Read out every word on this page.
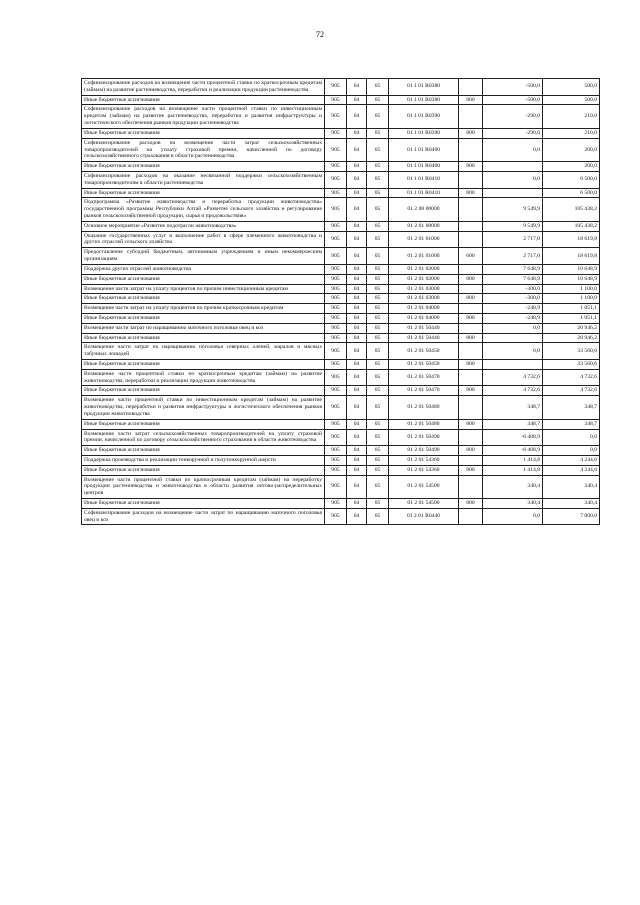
72
Софинансирование расходов на возмещение части процентной ставки по краткосрочным кредитам (займам) на развитие растениеводства, переработки и реализации продукции растениеводства	905	04	05	01 1 01 R0380		-500,0	500,0
Иные бюджетные ассигнования	905	04	05	01 1 01 R0380	800	-500,0	500,0
Софинансирование расходов на возмещение части процентной ставки по инвестиционным кредитам (займам) на развитие растениеводства, переработки и развития инфраструктуры и логистического обеспечения рынков продукции растениеводства	905	04	05	01 1 01 R0390		-290,0	210,0
Иные бюджетные ассигнования	905	04	05	01 1 01 R0390	800	-290,0	210,0
Софинансирование расходов на возмещение части затрат сельскохозяйственных товаропроизводителей на уплату страховой премии, начисленной по договору сельскохозяйственного страхования в области растениеводства	905	04	05	01 1 01 R0400		0,0	200,0
Иные бюджетные ассигнования	905	04	05	01 1 01 R0400	800		200,0
Софинансирование расходов на оказание несвязанной поддержки сельскохозяйственным товаропроизводителям в области растениеводства	905	04	05	01 1 01 R0410		0,0	6 500,0
Иные бюджетные ассигнования	905	04	05	01 1 01 R0410	800		6 500,0
Подпрограмма «Развитие животноводства и переработка продукции животноводства» государственной программы Республики Алтай «Развитие сельского хозяйства и регулирование рынков сельскохозяйственной продукции, сырья и продовольствия»	905	04	05	01 2 00 00000		9 549,9	105 438,2
Основное мероприятие «Развитие подотрасли животноводства»	905	04	05	01 2 01 00000		9 549,9	105 438,2
Оказание государственных услуг и выполнение работ в сфере племенного животноводства и других отраслей сельского хозяйства	905	04	05	01 2 01 01000		2 717,0	18 619,8
Предоставление субсидий бюджетным, автономным учреждениям и иным некоммерческим организациям	905	04	05	01 2 01 01000	600	2 717,0	18 619,8
Поддержка других отраслей животноводства	905	04	05	01 2 01 02000		7 648,9	10 648,9
Иные бюджетные ассигнования	905	04	05	01 2 01 02000	800	7 648,9	10 648,9
Возмещение части затрат на уплату процентов по прочим инвестиционным кредитам	905	04	05	01 2 01 03000		-300,0	1 100,0
Иные бюджетные ассигнования	905	04	05	01 2 01 03000	800	-300,0	1 100,0
Возмещение части затрат на уплату процентов по прочим краткосрочным кредитам	905	04	05	01 2 01 04000		-248,9	1 051,1
Иные бюджетные ассигнования	905	04	05	01 2 01 04000	800	-248,9	1 051,1
Возмещение части затрат по наращиванию маточного поголовья овец и коз	905	04	05	01 2 01 50440		0,0	20 946,2
Иные бюджетные ассигнования	905	04	05	01 2 01 50440	800		20 946,2
Возмещение части затрат по наращиванию поголовья северных оленей, маралов и мясных табунных лошадей	905	04	05	01 2 01 50450		0,0	33 560,6
Иные бюджетные ассигнования	905	04	05	01 2 01 50450	800		33 560,6
Возмещение части процентной ставки по краткосрочным кредитам (займам) на развитие животноводства, переработки и реализации продукции животноводства	905	04	05	01 2 01 50470		4 732,6	4 732,6
Иные бюджетные ассигнования	905	04	05	01 2 01 50470	800	4 732,6	4 732,6
Возмещение части процентной ставки по инвестиционным кредитам (займам) на развитие животноводства, переработки и развития инфраструктуры и логистического обеспечения рынков продукции животноводства	905	04	05	01 2 01 50480		348,7	348,7
Иные бюджетные ассигнования	905	04	05	01 2 01 50480	800	348,7	348,7
Возмещение части затрат сельскохозяйственных товаропроизводителей на уплату страховой премии, начисленной по договору сельскохозяйственного страхования в области животноводства	905	04	05	01 2 01 50490		-6 408,9	0,0
Иные бюджетные ассигнования	905	04	05	01 2 01 50490	800	-6 408,9	0,0
Поддержка производства и реализации тонкорунной и полутонкорунной шерсти	905	04	05	01 2 01 54360		1 414,8	4 244,6
Иные бюджетные ассигнования	905	04	05	01 2 01 54360	800	1 414,8	4 244,6
Возмещение части процентной ставки по краткосрочным кредитам (займам) на переработку продукции растениеводства и животноводства в области развития оптово-распределительных центров	905	04	05	01 2 01 54500		340,4	340,4
Иные бюджетные ассигнования	905	04	05	01 2 01 54500	800	340,4	340,4
Софинансирование расходов на возмещение части затрат по наращиванию маточного поголовья овец и коз	905	04	05	01 2 01 R0440		0,0	7 000,0
